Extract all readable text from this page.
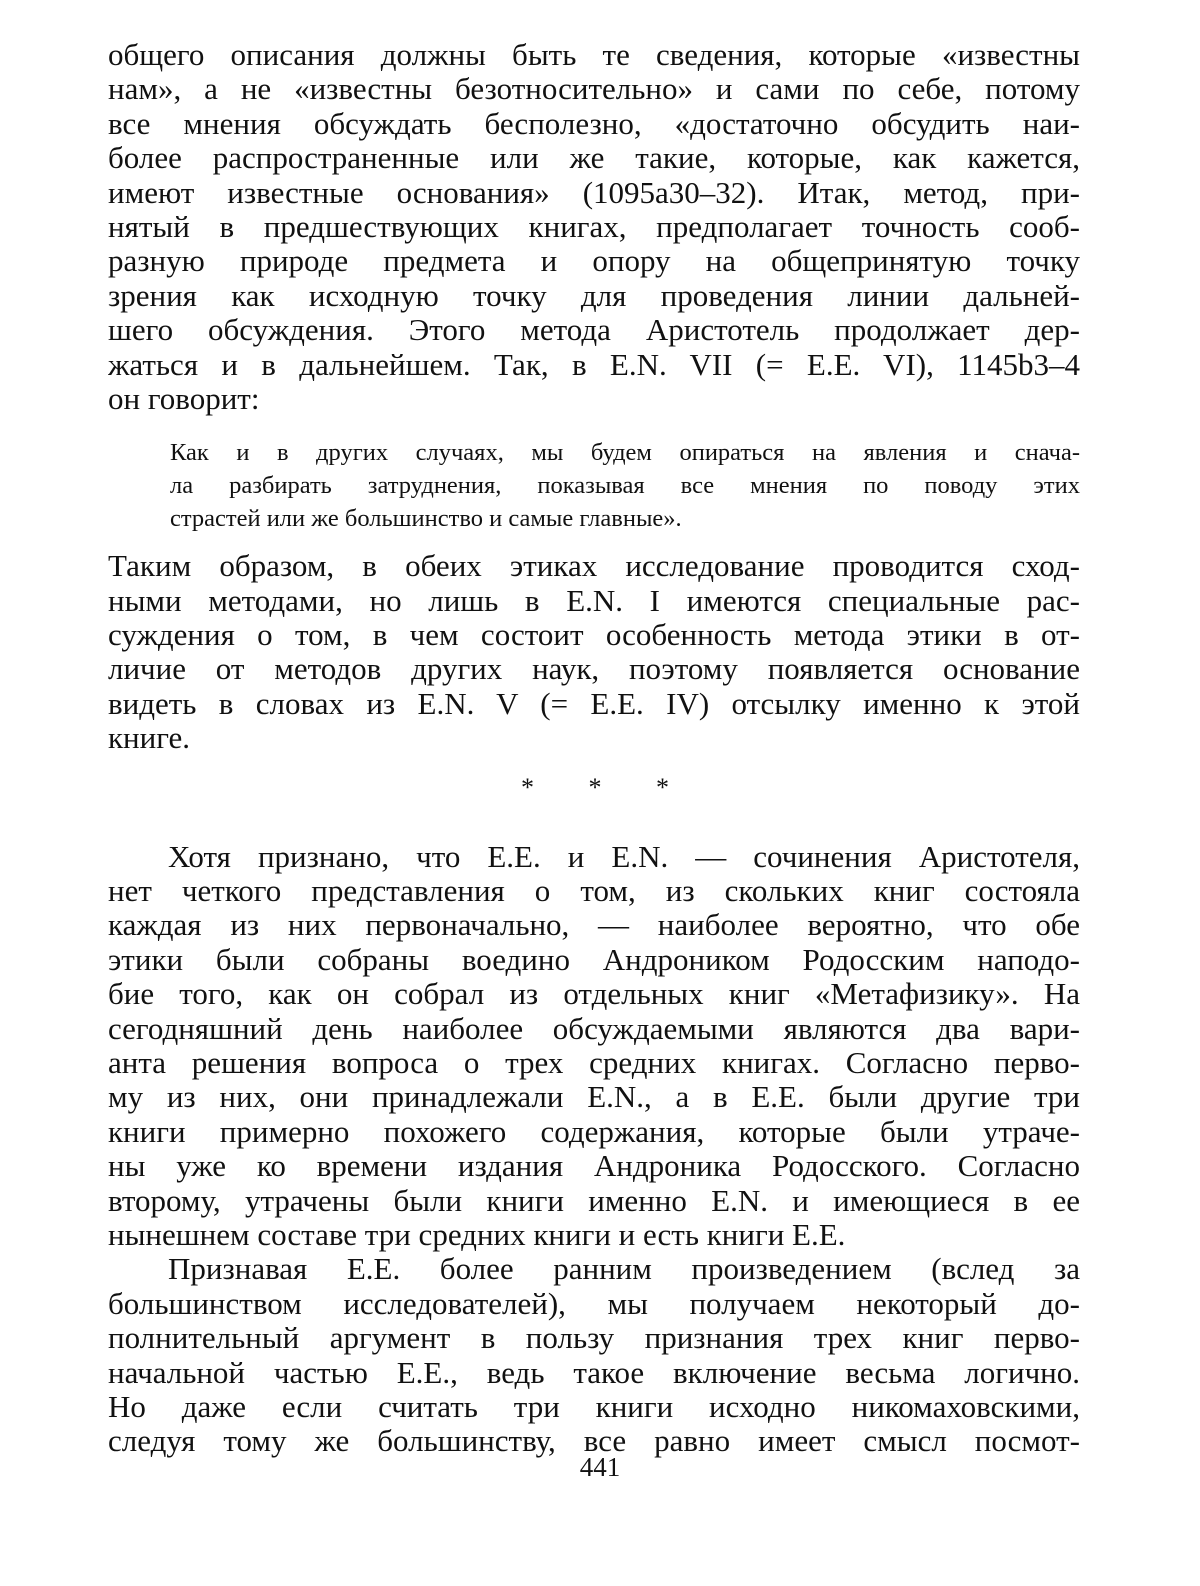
общего описания должны быть те сведения, которые «известны
нам», а не «известны безотносительно» и сами по себе, потому
все мнения обсуждать бесполезно, «достаточно обсудить наи-
более распространенные или же такие, которые, как кажется,
имеют известные основания» (1095а30–32). Итак, метод, при-
нятый в предшествующих книгах, предполагает точность сооб-
разную природе предмета и опору на общепринятую точку
зрения как исходную точку для проведения линии дальней-
шего обсуждения. Этого метода Аристотель продолжает дер-
жаться и в дальнейшем. Так, в E.N. VII (= E.E. VI), 1145b3–4
он говорит:
Как и в других случаях, мы будем опираться на явления и снача-
ла разбирать затруднения, показывая все мнения по поводу этих
страстей или же большинство и самые главные».
Таким образом, в обеих этиках исследование проводится сход-
ными методами, но лишь в E.N. I имеются специальные рас-
суждения о том, в чем состоит особенность метода этики в от-
личие от методов других наук, поэтому появляется основание
видеть в словах из E.N. V (= E.E. IV) отсылку именно к этой
книге.
* * *
Хотя признано, что E.E. и E.N. — сочинения Аристотеля,
нет четкого представления о том, из скольких книг состояла
каждая из них первоначально, — наиболее вероятно, что обе
этики были собраны воедино Андроником Родосским наподо-
бие того, как он собрал из отдельных книг «Метафизику». На
сегодняшний день наиболее обсуждаемыми являются два вари-
анта решения вопроса о трех средних книгах. Согласно перво-
му из них, они принадлежали E.N., а в E.E. были другие три
книги примерно похожего содержания, которые были утраче-
ны уже ко времени издания Андроника Родосского. Согласно
второму, утрачены были книги именно E.N. и имеющиеся в ее
нынешнем составе три средних книги и есть книги E.E.
Признавая E.E. более ранним произведением (вслед за
большинством исследователей), мы получаем некоторый до-
полнительный аргумент в пользу признания трех книг перво-
начальной частью E.E., ведь такое включение весьма логично.
Но даже если считать три книги исходно никомаховскими,
следуя тому же большинству, все равно имеет смысл посмот-
441
